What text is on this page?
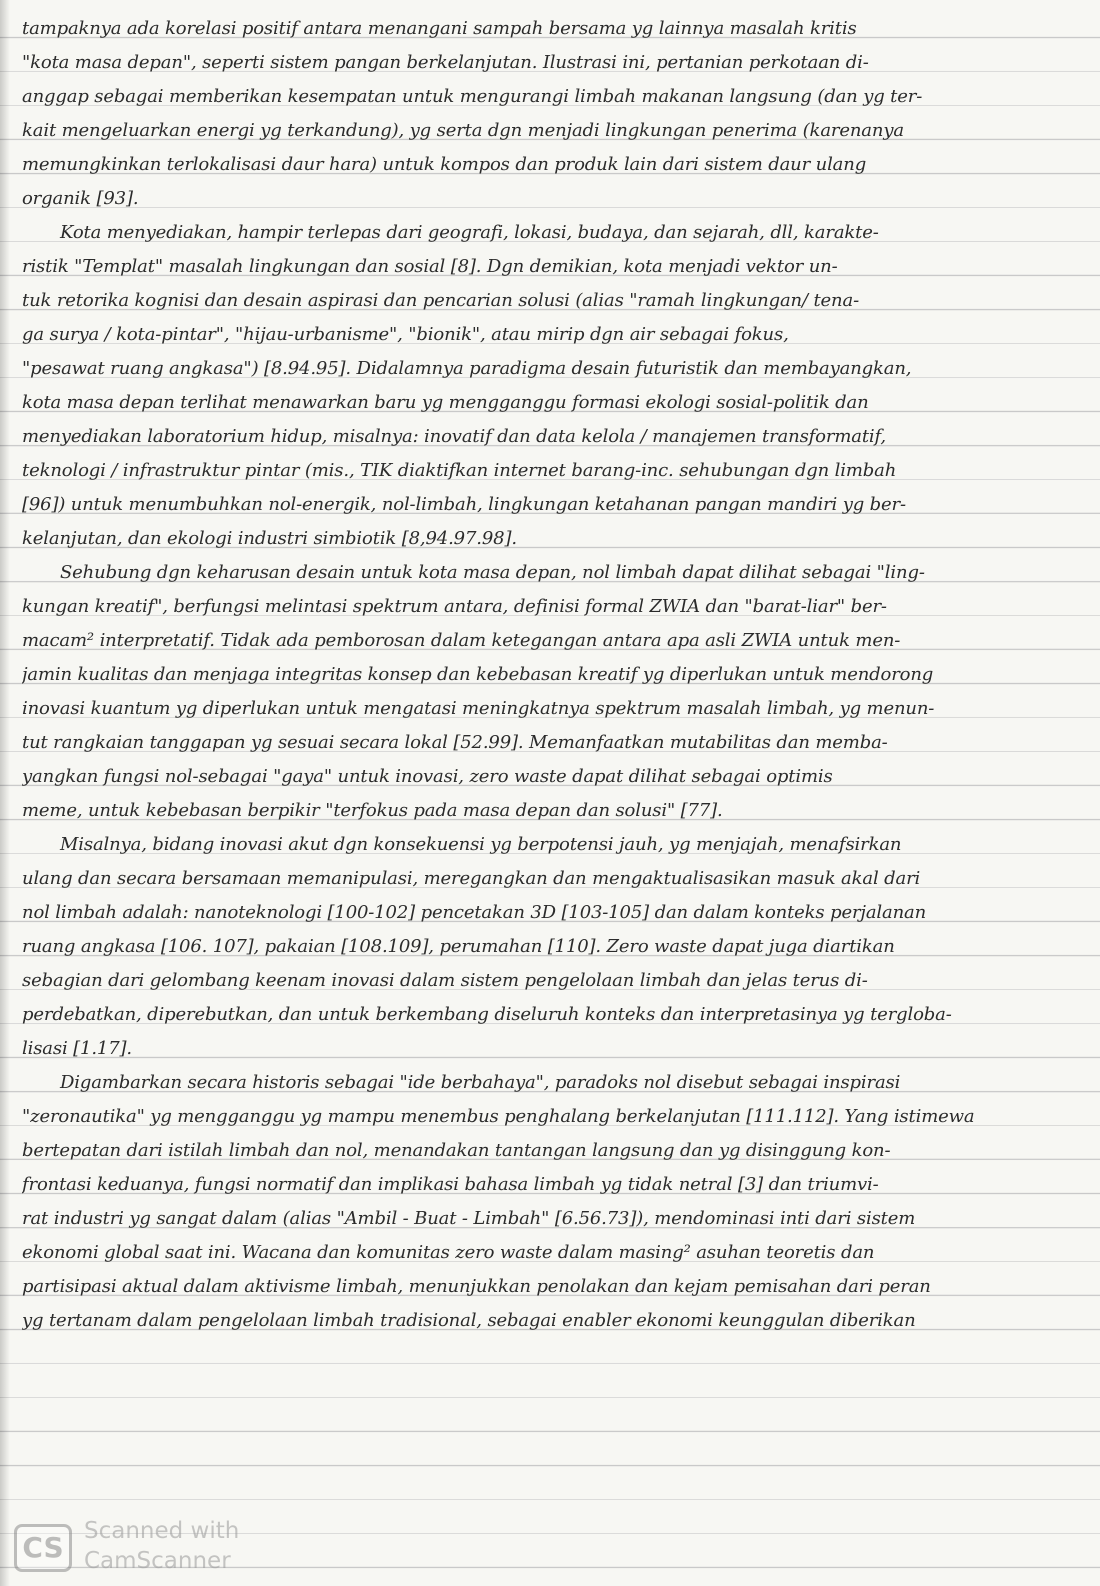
tampaknya ada korelasi positif antara menangani sampah bersama yg lainnya masalah kritis
"kota masa depan", seperti sistem pangan berkelanjutan. Ilustrasi ini, pertanian perkotaan di-
anggap sebagai memberikan kesempatan untuk mengurangi limbah makanan langsung (dan yg ter-
kait mengeluarkan energi yg terkandung), yg serta dgn menjadi lingkungan penerima (karenanya
memungkinkan terlokalisasi daur hara) untuk kompos dan produk lain dari sistem daur ulang
organik [93].
Kota menyediakan, hampir terlepas dari geografi, lokasi, budaya, dan sejarah, dll, karakte-
ristik "Templat" masalah lingkungan dan sosial [8]. Dgn demikian, kota menjadi vektor un-
tuk retorika kognisi dan desain aspirasi dan pencarian solusi (alias "ramah lingkungan/ tena-
ga surya / kota-pintar", "hijau-urbanisme", "bionik", atau mirip dgn air sebagai fokus,
"pesawat ruang angkasa") [8.94.95]. Didalamnya paradigma desain futuristik dan membayangkan,
kota masa depan terlihat menawarkan baru yg mengganggu formasi ekologi sosial-politik dan
menyediakan laboratorium hidup, misalnya: inovatif dan data kelola / manajemen transformatif,
teknologi / infrastruktur pintar (mis., TIK diaktifkan internet barang-inc. sehubungan dgn limbah
[96]) untuk menumbuhkan nol-energik, nol-limbah, lingkungan ketahanan pangan mandiri yg ber-
kelanjutan, dan ekologi industri simbiotik [8,94.97.98].
Sehubung dgn keharusan desain untuk kota masa depan, nol limbah dapat dilihat sebagai "ling-
kungan kreatif", berfungsi melintasi spektrum antara, definisi formal ZWIA dan "barat-liar" ber-
macam² interpretatif. Tidak ada pemborosan dalam ketegangan antara apa asli ZWIA untuk men-
jamin kualitas dan menjaga integritas konsep dan kebebasan kreatif yg diperlukan untuk mendorong
inovasi kuantum yg diperlukan untuk mengatasi meningkatnya spektrum masalah limbah, yg menun-
tut rangkaian tanggapan yg sesuai secara lokal [52.99]. Memanfaatkan mutabilitas dan memba-
yangkan fungsi nol-sebagai "gaya" untuk inovasi, zero waste dapat dilihat sebagai optimis
meme, untuk kebebasan berpikir "terfokus pada masa depan dan solusi" [77].
Misalnya, bidang inovasi akut dgn konsekuensi yg berpotensi jauh, yg menjajah, menafsirkan
ulang dan secara bersamaan memanipulasi, meregangkan dan mengaktualisasikan masuk akal dari
nol limbah adalah: nanoteknologi [100-102] pencetakan 3D [103-105] dan dalam konteks perjalanan
ruang angkasa [106. 107], pakaian [108.109], perumahan [110]. Zero waste dapat juga diartikan
sebagian dari gelombang keenam inovasi dalam sistem pengelolaan limbah dan jelas terus di-
perdebatkan, diperebutkan, dan untuk berkembang diseluruh konteks dan interpretasinya yg tergloba-
lisasi [1.17].
Digambarkan secara historis sebagai "ide berbahaya", paradoks nol disebut sebagai inspirasi
"zeronautika" yg mengganggu yg mampu menembus penghalang berkelanjutan [111.112]. Yang istimewa
bertepatan dari istilah limbah dan nol, menandakan tantangan langsung dan yg disinggung kon-
frontasi keduanya, fungsi normatif dan implikasi bahasa limbah yg tidak netral [3] dan triumvi-
rat industri yg sangat dalam (alias "Ambil - Buat - Limbah" [6.56.73]), mendominasi inti dari sistem
ekonomi global saat ini. Wacana dan komunitas zero waste dalam masing² asuhan teoretis dan
partisipasi aktual dalam aktivisme limbah, menunjukkan penolakan dan kejam pemisahan dari peran
yg tertanam dalam pengelolaan limbah tradisional, sebagai enabler ekonomi keunggulan diberikan
CS Scanned with
CamScanner
